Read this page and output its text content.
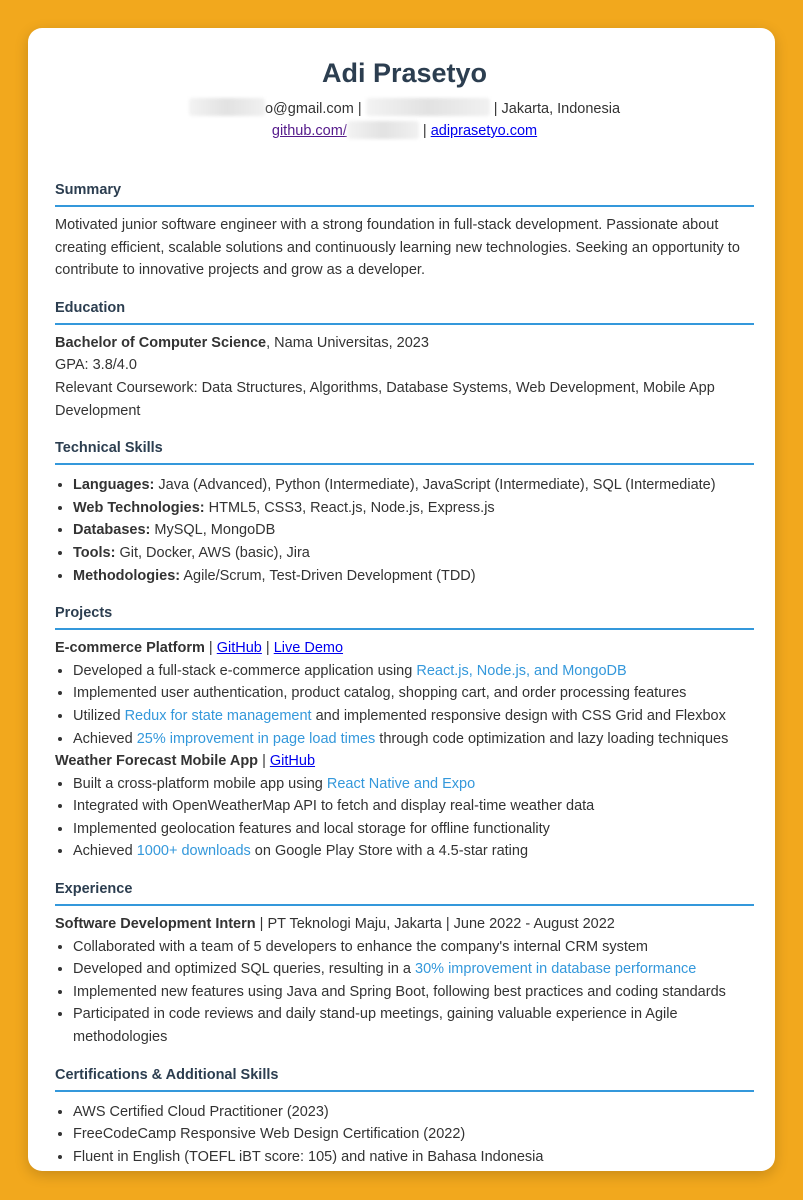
Adi Prasetyo
o@gmail.com |	| Jakarta, Indonesia
github.com/	| adiprasetyo.com
Summary
Motivated junior software engineer with a strong foundation in full-stack development. Passionate about creating efficient, scalable solutions and continuously learning new technologies. Seeking an opportunity to contribute to innovative projects and grow as a developer.
Education
Bachelor of Computer Science, Nama Universitas, 2023
GPA: 3.8/4.0
Relevant Coursework: Data Structures, Algorithms, Database Systems, Web Development, Mobile App Development
Technical Skills
• Languages: Java (Advanced), Python (Intermediate), JavaScript (Intermediate), SQL (Intermediate)
• Web Technologies: HTML5, CSS3, React.js, Node.js, Express.js
• Databases: MySQL, MongoDB
• Tools: Git, Docker, AWS (basic), Jira
• Methodologies: Agile/Scrum, Test-Driven Development (TDD)
Projects
E-commerce Platform | GitHub | Live Demo
• Developed a full-stack e-commerce application using React.js, Node.js, and MongoDB
• Implemented user authentication, product catalog, shopping cart, and order processing features
• Utilized Redux for state management and implemented responsive design with CSS Grid and Flexbox
• Achieved 25% improvement in page load times through code optimization and lazy loading techniques
Weather Forecast Mobile App | GitHub
• Built a cross-platform mobile app using React Native and Expo
• Integrated with OpenWeatherMap API to fetch and display real-time weather data
• Implemented geolocation features and local storage for offline functionality
• Achieved 1000+ downloads on Google Play Store with a 4.5-star rating
Experience
Software Development Intern | PT Teknologi Maju, Jakarta | June 2022 - August 2022
• Collaborated with a team of 5 developers to enhance the company's internal CRM system
• Developed and optimized SQL queries, resulting in a 30% improvement in database performance
• Implemented new features using Java and Spring Boot, following best practices and coding standards
• Participated in code reviews and daily stand-up meetings, gaining valuable experience in Agile methodologies
Certifications & Additional Skills
• AWS Certified Cloud Practitioner (2023)
• FreeCodeCamp Responsive Web Design Certification (2022)
• Fluent in English (TOEFL iBT score: 105) and native in Bahasa Indonesia
